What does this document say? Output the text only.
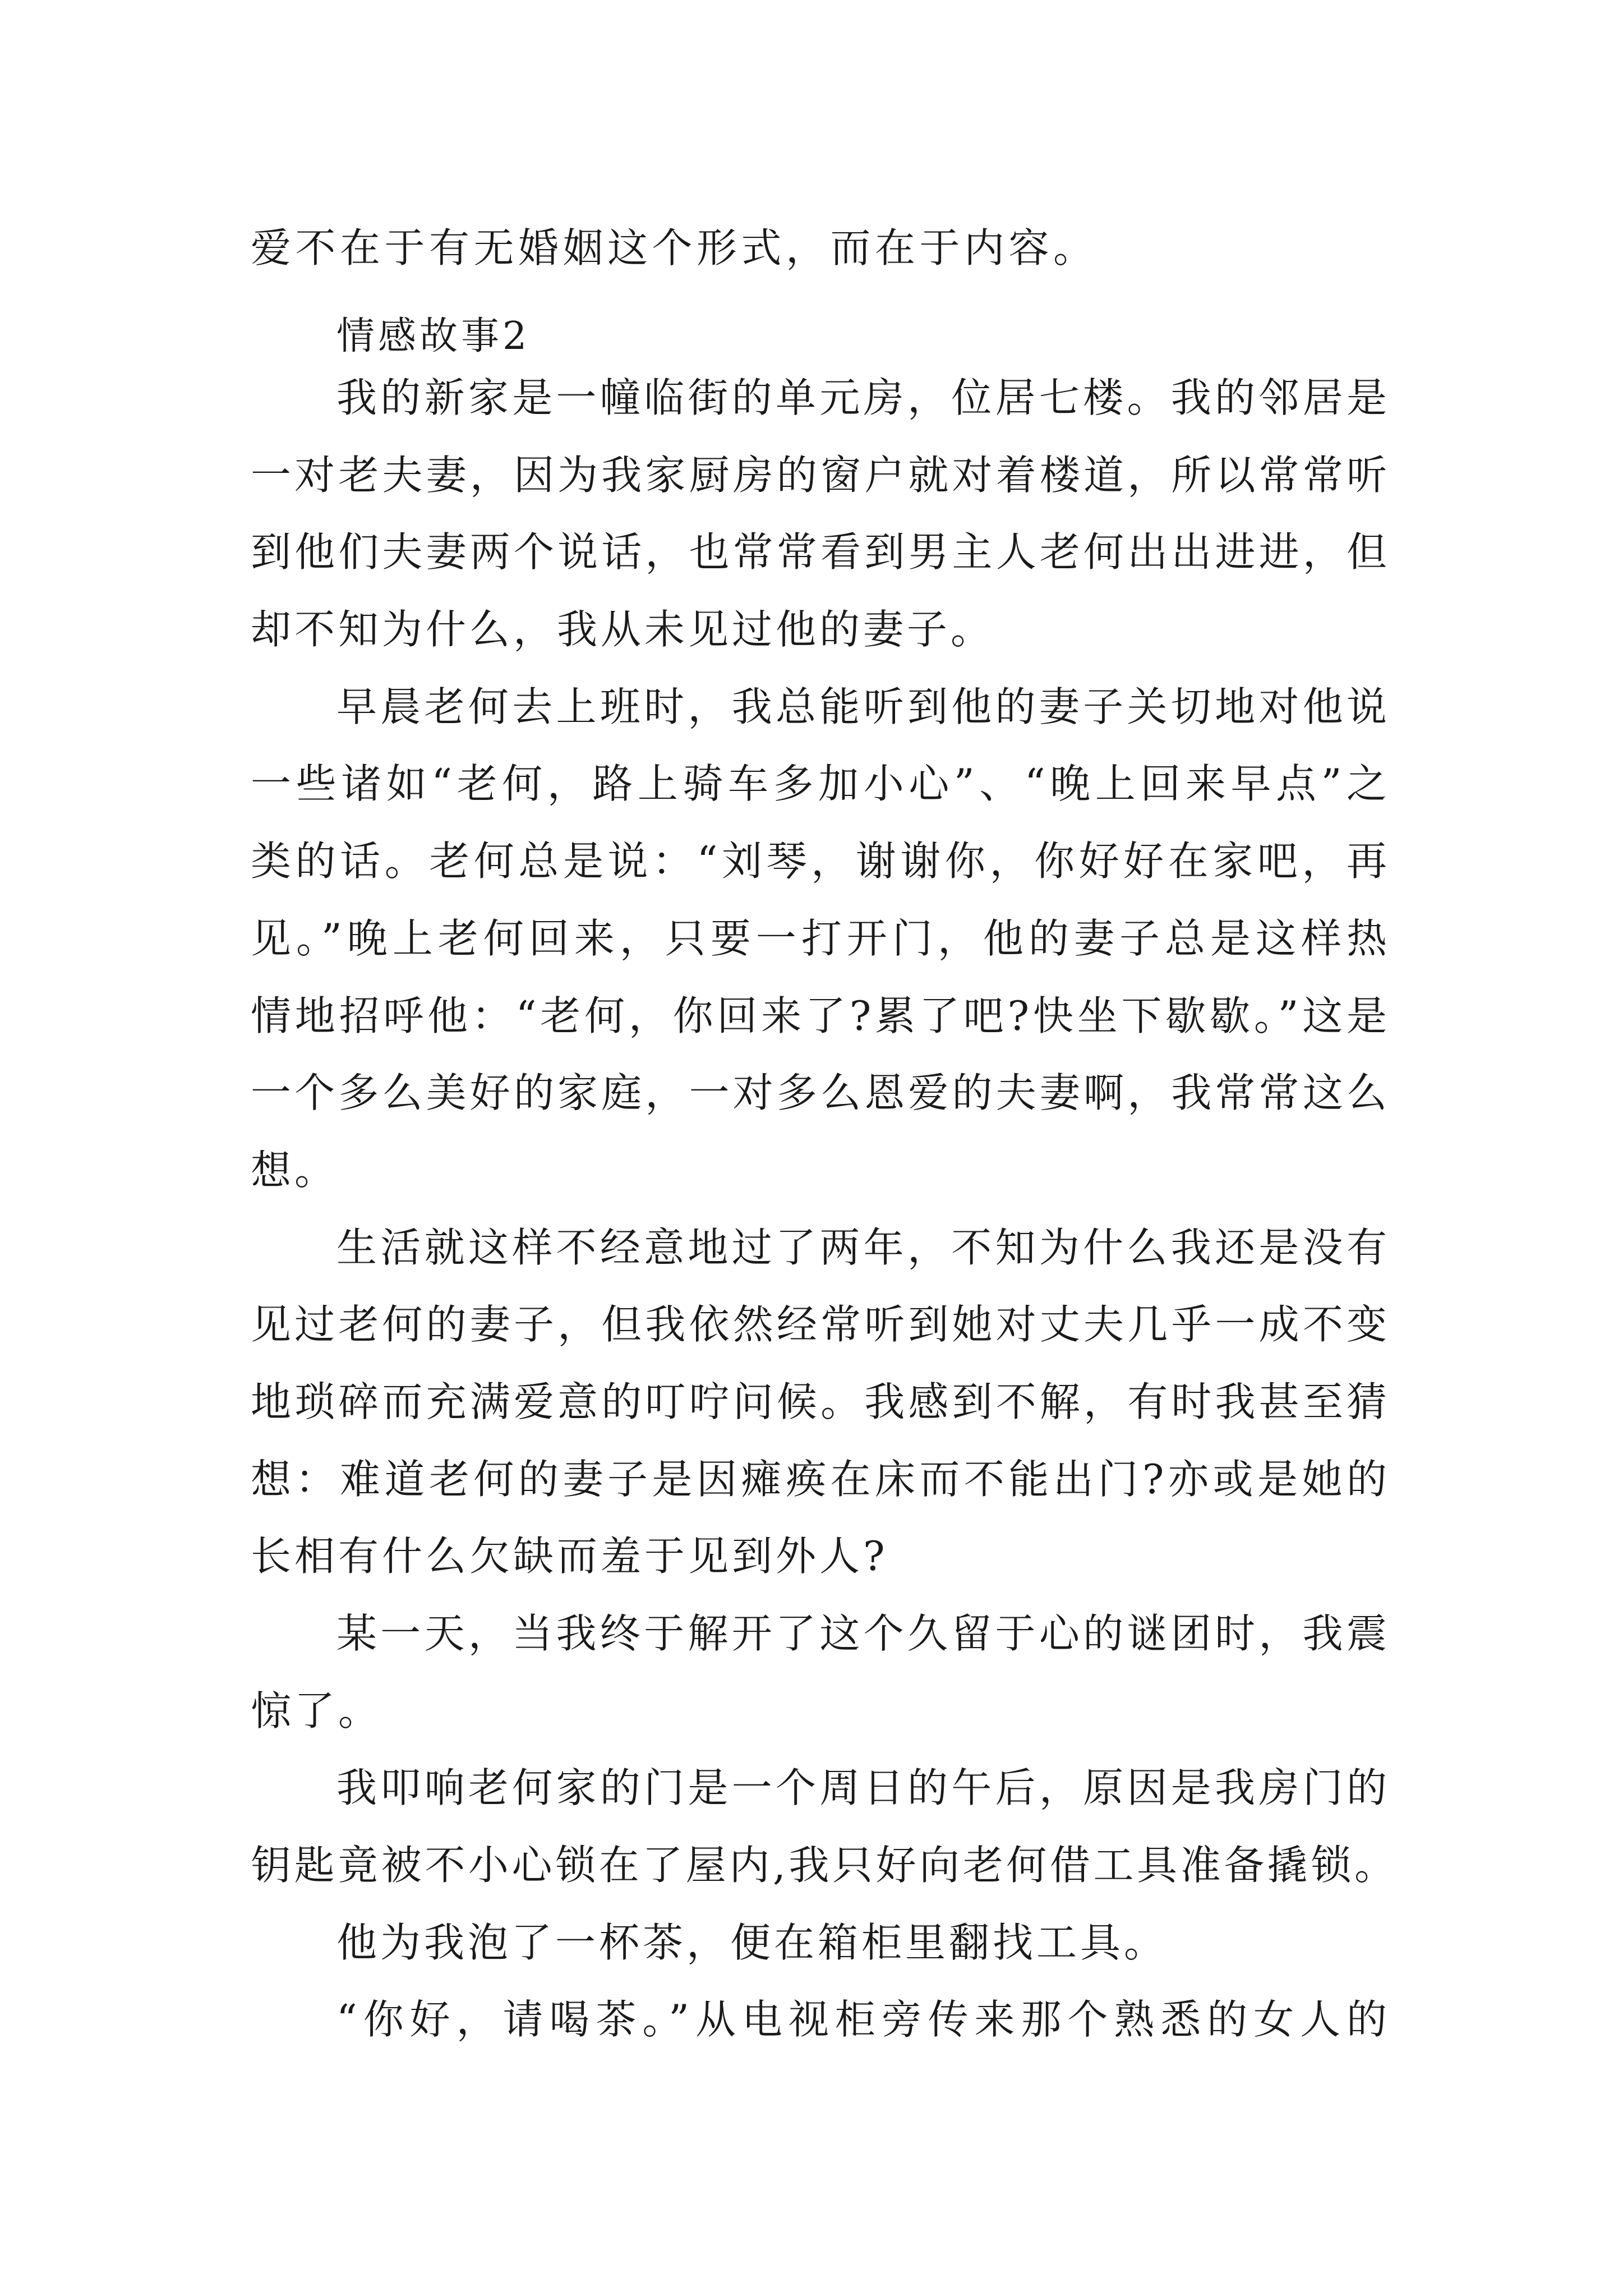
爱不在于有无婚姻这个形式，而在于内容。
情感故事2
我的新家是一幢临街的单元房，位居七楼。我的邻居是
一对老夫妻，因为我家厨房的窗户就对着楼道，所以常常听
到他们夫妻两个说话，也常常看到男主人老何出出进进，但
却不知为什么，我从未见过他的妻子。
早晨老何去上班时，我总能听到他的妻子关切地对他说
一些诸如“老何，路上骑车多加小心”、“晚上回来早点”之
类的话。老何总是说：“刘琴，谢谢你，你好好在家吧，再
见。”晚上老何回来，只要一打开门，他的妻子总是这样热
情地招呼他：“老何，你回来了?累了吧?快坐下歇歇。”这是
一个多么美好的家庭，一对多么恩爱的夫妻啊，我常常这么
想。
生活就这样不经意地过了两年，不知为什么我还是没有
见过老何的妻子，但我依然经常听到她对丈夫几乎一成不变
地琐碎而充满爱意的叮咛问候。我感到不解，有时我甚至猜
想：难道老何的妻子是因瘫痪在床而不能出门?亦或是她的
长相有什么欠缺而羞于见到外人?
某一天，当我终于解开了这个久留于心的谜团时，我震
惊了。
我叩响老何家的门是一个周日的午后，原因是我房门的
钥匙竟被不小心锁在了屋内,我只好向老何借工具准备撬锁。
他为我泡了一杯茶，便在箱柜里翻找工具。
“你好，请喝茶。”从电视柜旁传来那个熟悉的女人的
